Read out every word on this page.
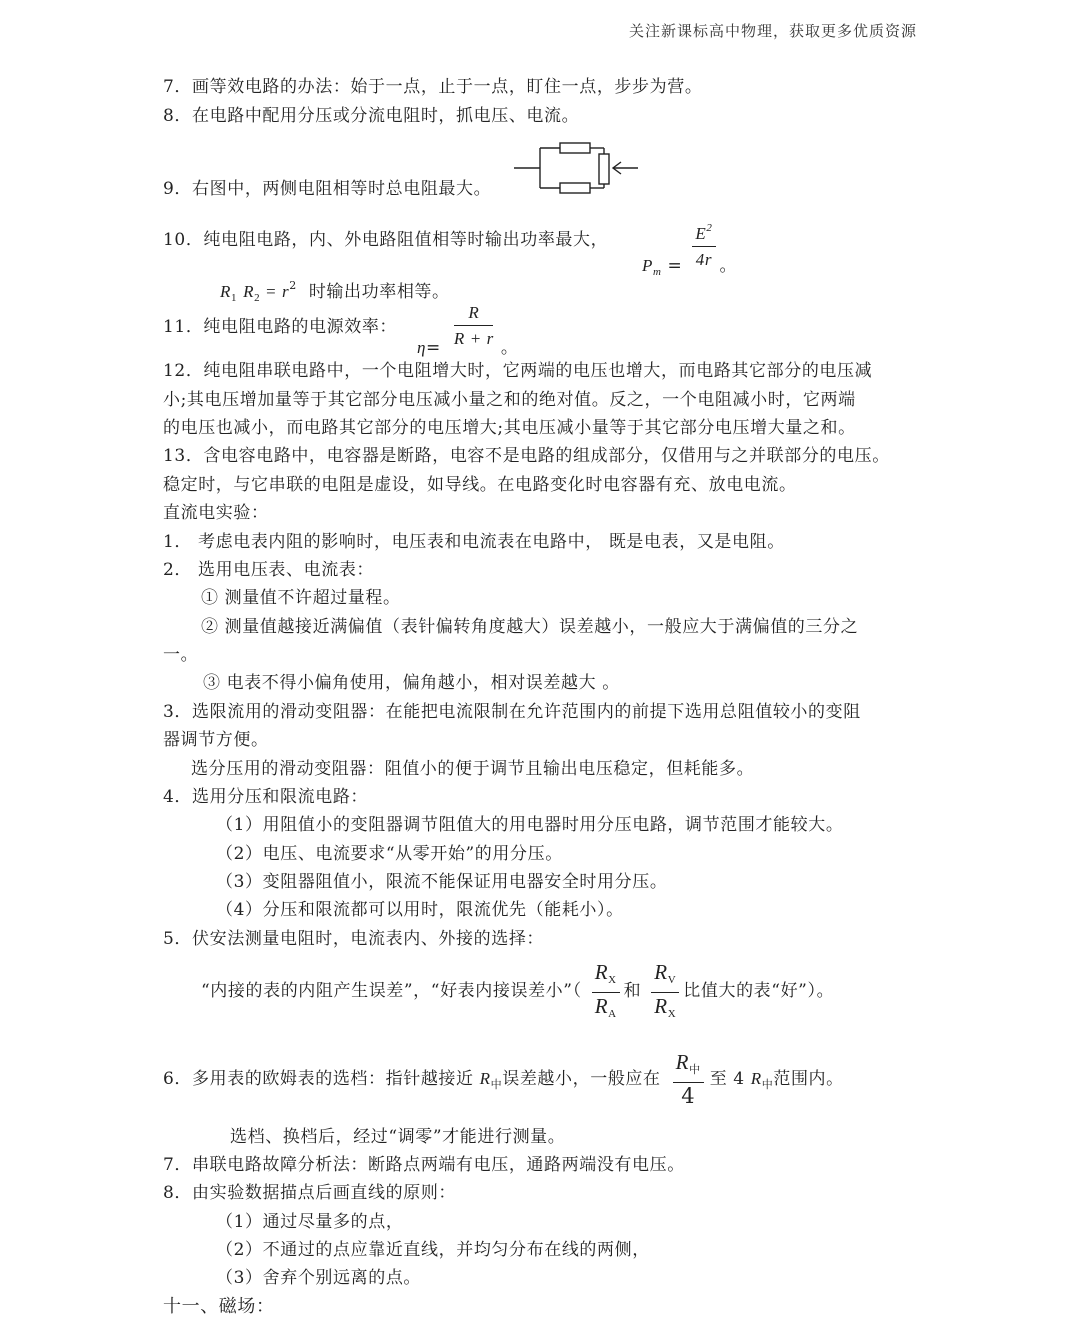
关注新课标高中物理，获取更多优质资源
7．画等效电路的办法：始于一点，止于一点，盯住一点，步步为营。
8．在电路中配用分压或分流电阻时，抓电压、电流。
9．右图中，两侧电阻相等时总电阻最大。
10．纯电阻电路，内、外电路阻值相等时输出功率最大，
$P_m = \frac{E^2}{4r}$ 。
$R_1$ $R_2 = r^2$ 时输出功率相等。
11．纯电阻电路的电源效率：
$\eta= \frac{R}{R + r}$ 。
12．纯电阻串联电路中，一个电阻增大时，它两端的电压也增大，而电路其它部分的电压减
小;其电压增加量等于其它部分电压减小量之和的绝对值。反之，一个电阻减小时，它两端
的电压也减小，而电路其它部分的电压增大;其电压减小量等于其它部分电压增大量之和。
13．含电容电路中，电容器是断路，电容不是电路的组成部分，仅借用与之并联部分的电压。
稳定时，与它串联的电阻是虚设，如导线。在电路变化时电容器有充、放电电流。
直流电实验：
1． 考虑电表内阻的影响时，电压表和电流表在电路中， 既是电表，又是电阻。
2． 选用电压表、电流表：
① 测量值不许超过量程。
② 测量值越接近满偏值（表针偏转角度越大）误差越小，一般应大于满偏值的三分之
一。
③ 电表不得小偏角使用，偏角越小，相对误差越大 。
3．选限流用的滑动变阻器：在能把电流限制在允许范围内的前提下选用总阻值较小的变阻
器调节方便。
选分压用的滑动变阻器：阻值小的便于调节且输出电压稳定，但耗能多。
4．选用分压和限流电路：
（1）用阻值小的变阻器调节阻值大的用电器时用分压电路，调节范围才能较大。
（2）电压、电流要求“从零开始”的用分压。
（3）变阻器阻值小，限流不能保证用电器安全时用分压。
（4）分压和限流都可以用时，限流优先（能耗小）。
5．伏安法测量电阻时，电流表内、外接的选择：
“内接的表的内阻产生误差”，“好表内接误差小”（ $\frac{R_X}{R_A}$ 和 $\frac{R_V}{R_X}$ 比值大的表“好”）。
6．多用表的欧姆表的选档：指针越接近 $R_中$误差越小，一般应在 $\frac{R_中}{4}$ 至 4 $R_中$范围内。
选档、换档后，经过“调零”才能进行测量。
7．串联电路故障分析法：断路点两端有电压，通路两端没有电压。
8．由实验数据描点后画直线的原则：
（1）通过尽量多的点，
（2）不通过的点应靠近直线，并均匀分布在线的两侧，
（3）舍弃个别远离的点。
十一、磁场：
